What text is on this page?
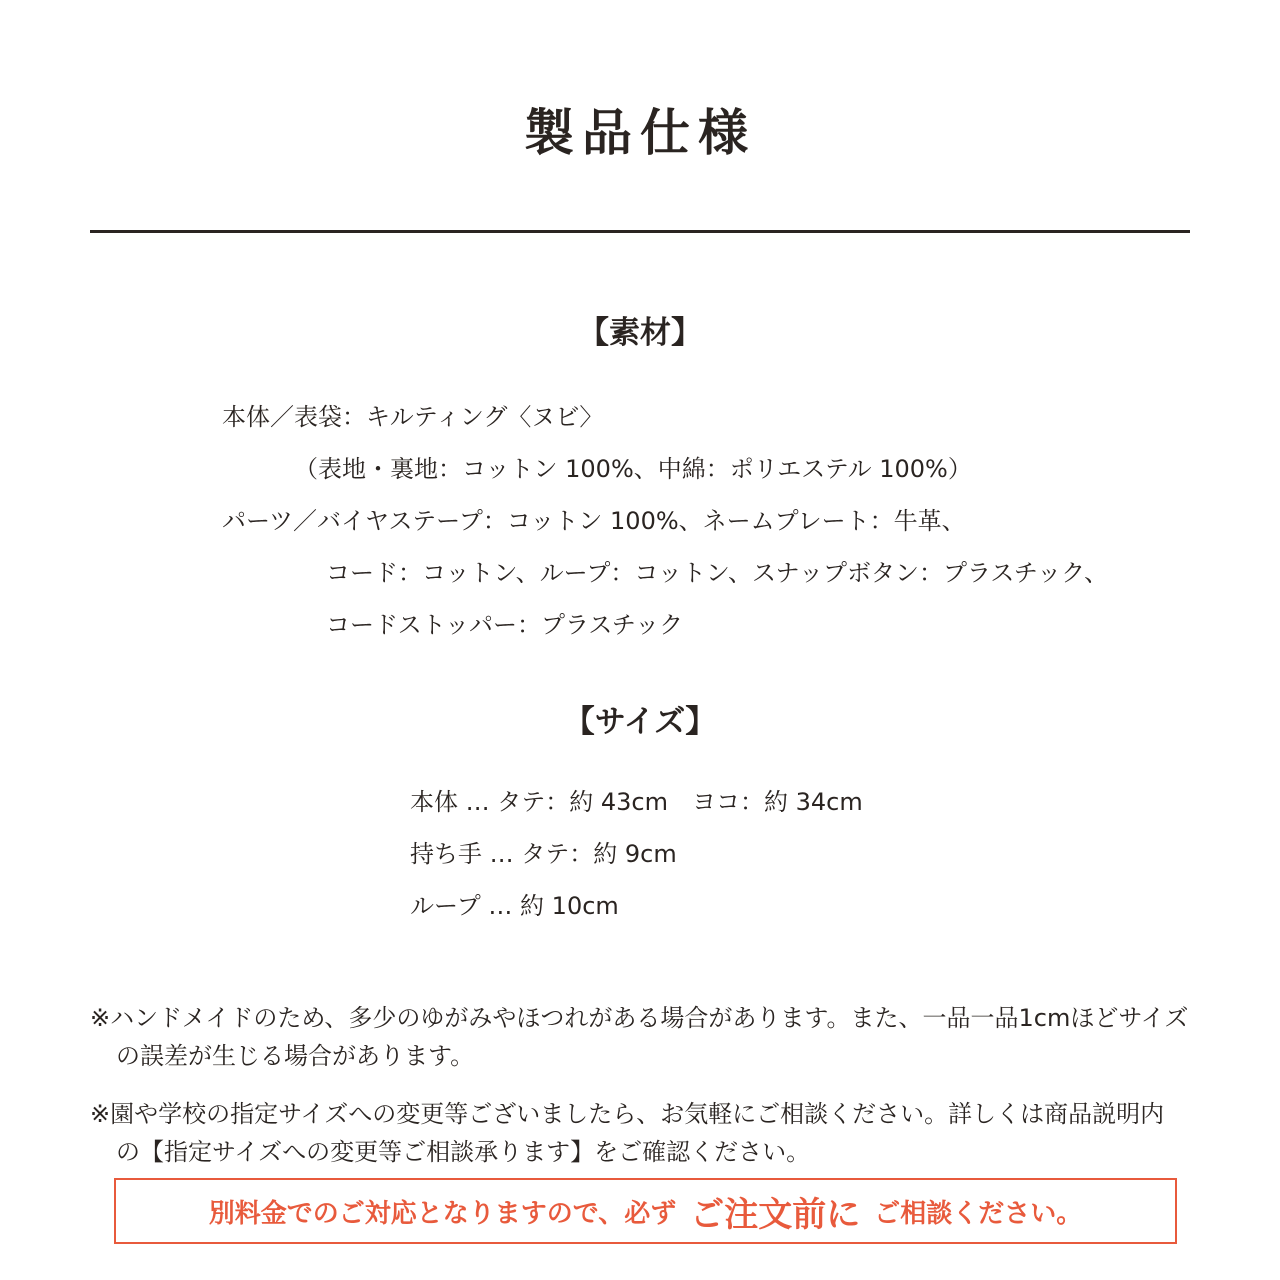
製品仕様
【素材】
本体／表袋：キルティング〈ヌビ〉
（表地・裏地：コットン 100%、中綿：ポリエステル 100%）
パーツ／バイヤステープ：コットン 100%、ネームプレート：牛革、
コード：コットン、ループ：コットン、スナップボタン：プラスチック、
コードストッパー：プラスチック
【サイズ】
本体 … タテ：約 43cm　ヨコ：約 34cm
持ち手 … タテ：約 9cm
ループ … 約 10cm
※ハンドメイドのため、多少のゆがみやほつれがある場合があります。また、一品一品1cmほどサイズ
の誤差が生じる場合があります。
※園や学校の指定サイズへの変更等ございましたら、お気軽にご相談ください。詳しくは商品説明内
の【指定サイズへの変更等ご相談承ります】をご確認ください。
別料金でのご対応となりますので、必ず ご注文前に ご相談ください。
